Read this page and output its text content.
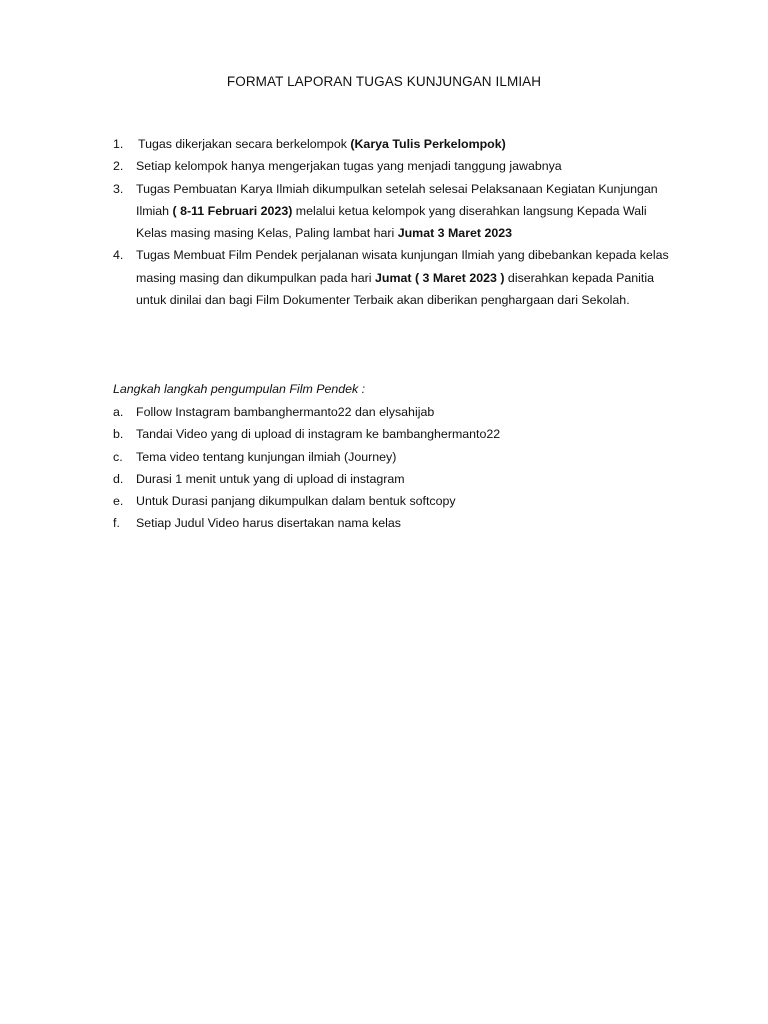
FORMAT LAPORAN TUGAS KUNJUNGAN ILMIAH
1. Tugas dikerjakan secara berkelompok (Karya Tulis Perkelompok)
2. Setiap kelompok hanya mengerjakan tugas yang menjadi tanggung jawabnya
3. Tugas Pembuatan Karya Ilmiah dikumpulkan setelah selesai Pelaksanaan Kegiatan Kunjungan Ilmiah ( 8-11 Februari 2023) melalui ketua kelompok yang diserahkan langsung Kepada Wali Kelas masing masing Kelas, Paling lambat hari Jumat 3 Maret 2023
4. Tugas Membuat Film Pendek perjalanan wisata kunjungan Ilmiah yang dibebankan kepada kelas masing masing dan dikumpulkan pada hari Jumat ( 3 Maret 2023 ) diserahkan kepada Panitia untuk dinilai dan bagi Film Dokumenter Terbaik akan diberikan penghargaan dari Sekolah.

Langkah langkah pengumpulan Film Pendek :

a. Follow Instagram bambanghermanto22 dan elysahijab
b. Tandai Video yang di upload di instagram ke bambanghermanto22
c. Tema video tentang kunjungan ilmiah (Journey)
d. Durasi 1 menit untuk yang di upload di instagram
e. Untuk Durasi panjang dikumpulkan dalam bentuk softcopy
f. Setiap Judul Video harus disertakan nama kelas
